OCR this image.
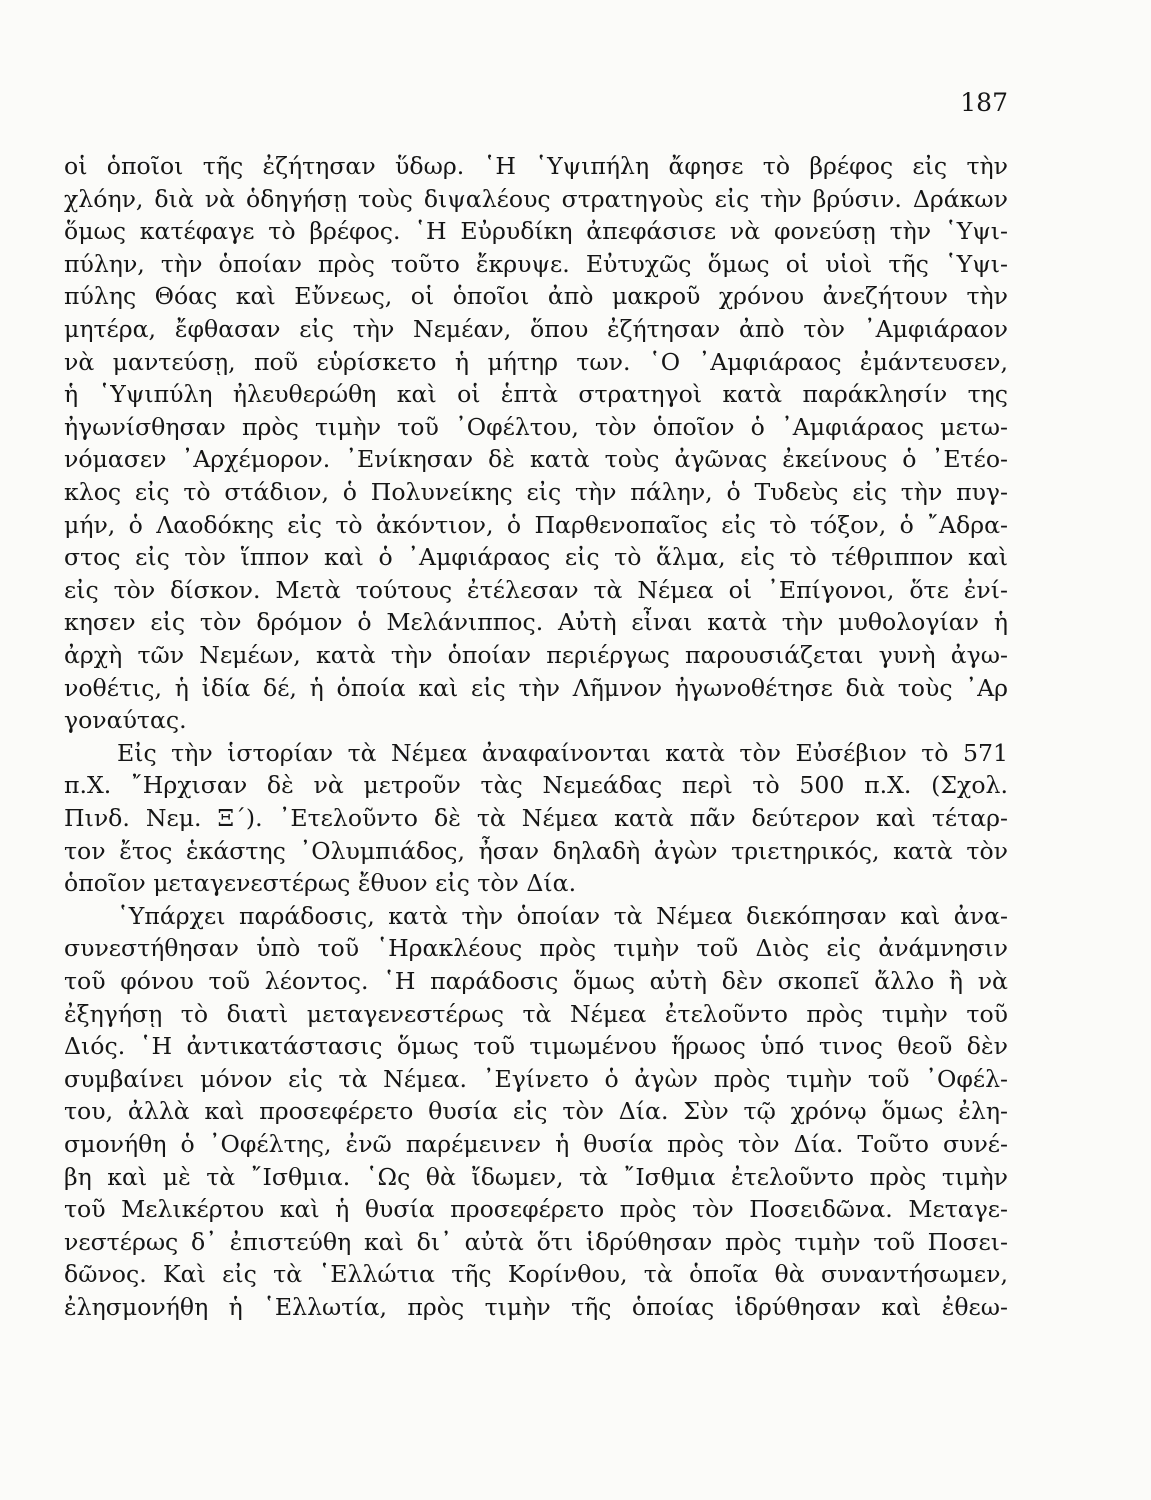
187
οἱ ὁποῖοι τῆς ἐζήτησαν ὕδωρ. ῾Η ῾Υψιπήλη ἄφησε τὸ βρέφος εἰς τὴν
χλόην, διὰ νὰ ὁδηγήσῃ τοὺς διψαλέους στρατηγοὺς εἰς τὴν βρύσιν. Δράκων
ὅμως κατέφαγε τὸ βρέφος. ῾Η Εὐρυδίκη ἀπεφάσισε νὰ φονεύσῃ τὴν ῾Υψι-
πύλην, τὴν ὁποίαν πρὸς τοῦτο ἔκρυψε. Εὐτυχῶς ὅμως οἱ υἱοὶ τῆς ῾Υψι-
πύλης Θόας καὶ Εὔνεως, οἱ ὁποῖοι ἀπὸ μακροῦ χρόνου ἀνεζήτουν τὴν
μητέρα, ἔφθασαν εἰς τὴν Νεμέαν, ὅπου ἐζήτησαν ἀπὸ τὸν ᾿Αμφιάραον
νὰ μαντεύσῃ, ποῦ εὑρίσκετο ἡ μήτηρ των. ῾Ο ᾿Αμφιάραος ἐμάντευσεν,
ἡ ῾Υψιπύλη ἠλευθερώθη καὶ οἱ ἑπτὰ στρατηγοὶ κατὰ παράκλησίν της
ἠγωνίσθησαν πρὸς τιμὴν τοῦ ᾿Οφέλτου, τὸν ὁποῖον ὁ ᾿Αμφιάραος μετω-
νόμασεν ᾿Αρχέμορον. ᾿Ενίκησαν δὲ κατὰ τοὺς ἀγῶνας ἐκείνους ὁ ᾿Ετέο-
κλος εἰς τὸ στάδιον, ὁ Πολυνείκης εἰς τὴν πάλην, ὁ Τυδεὺς εἰς τὴν πυγ-
μήν, ὁ Λαοδόκης εἰς τὸ ἀκόντιον, ὁ Παρθενοπαῖος εἰς τὸ τόξον, ὁ ῎Αδρα-
στος εἰς τὸν ἵππον καὶ ὁ ᾿Αμφιάραος εἰς τὸ ἅλμα, εἰς τὸ τέθριππον καὶ
εἰς τὸν δίσκον. Μετὰ τούτους ἐτέλεσαν τὰ Νέμεα οἱ ᾿Επίγονοι, ὅτε ἐνί-
κησεν εἰς τὸν δρόμον ὁ Μελάνιππος. Αὐτὴ εἶναι κατὰ τὴν μυθολογίαν ἡ
ἀρχὴ τῶν Νεμέων, κατὰ τὴν ὁποίαν περιέργως παρουσιάζεται γυνὴ ἀγω-
νοθέτις, ἡ ἰδία δέ, ἡ ὁποία καὶ εἰς τὴν Λῆμνον ἠγωνοθέτησε διὰ τοὺς ᾿Αρ
γοναύτας.
Εἰς τὴν ἱστορίαν τὰ Νέμεα ἀναφαίνονται κατὰ τὸν Εὐσέβιον τὸ 571
π.Χ. ῎Ηρχισαν δὲ νὰ μετροῦν τὰς Νεμεάδας περὶ τὸ 500 π.Χ. (Σχολ.
Πινδ. Νεμ. Ξ΄). ᾿Ετελοῦντο δὲ τὰ Νέμεα κατὰ πᾶν δεύτερον καὶ τέταρ-
τον ἔτος ἑκάστης ᾿Ολυμπιάδος, ἦσαν δηλαδὴ ἀγὼν τριετηρικός, κατὰ τὸν
ὁποῖον μεταγενεστέρως ἔθυον εἰς τὸν Δία.
῾Υπάρχει παράδοσις, κατὰ τὴν ὁποίαν τὰ Νέμεα διεκόπησαν καὶ ἀνα-
συνεστήθησαν ὑπὸ τοῦ ῾Ηρακλέους πρὸς τιμὴν τοῦ Διὸς εἰς ἀνάμνησιν
τοῦ φόνου τοῦ λέοντος. ῾Η παράδοσις ὅμως αὐτὴ δὲν σκοπεῖ ἄλλο ἢ νὰ
ἐξηγήσῃ τὸ διατὶ μεταγενεστέρως τὰ Νέμεα ἐτελοῦντο πρὸς τιμὴν τοῦ
Διός. ῾Η ἀντικατάστασις ὅμως τοῦ τιμωμένου ἥρωος ὑπό τινος θεοῦ δὲν
συμβαίνει μόνον εἰς τὰ Νέμεα. ᾿Εγίνετο ὁ ἀγὼν πρὸς τιμὴν τοῦ ᾿Οφέλ-
του, ἀλλὰ καὶ προσεφέρετο θυσία εἰς τὸν Δία. Σὺν τῷ χρόνῳ ὅμως ἐλη-
σμονήθη ὁ ᾿Οφέλτης, ἐνῶ παρέμεινεν ἡ θυσία πρὸς τὸν Δία. Τοῦτο συνέ-
βη καὶ μὲ τὰ ῎Ισθμια. ῾Ως θὰ ἴδωμεν, τὰ ῎Ισθμια ἐτελοῦντο πρὸς τιμὴν
τοῦ Μελικέρτου καὶ ἡ θυσία προσεφέρετο πρὸς τὸν Ποσειδῶνα. Μεταγε-
νεστέρως δ᾿ ἐπιστεύθη καὶ δι᾿ αὐτὰ ὅτι ἱδρύθησαν πρὸς τιμὴν τοῦ Ποσει-
δῶνος. Καὶ εἰς τὰ ῾Ελλώτια τῆς Κορίνθου, τὰ ὁποῖα θὰ συναντήσωμεν,
ἐλησμονήθη ἡ ῾Ελλωτία, πρὸς τιμὴν τῆς ὁποίας ἱδρύθησαν καὶ ἐθεω-
